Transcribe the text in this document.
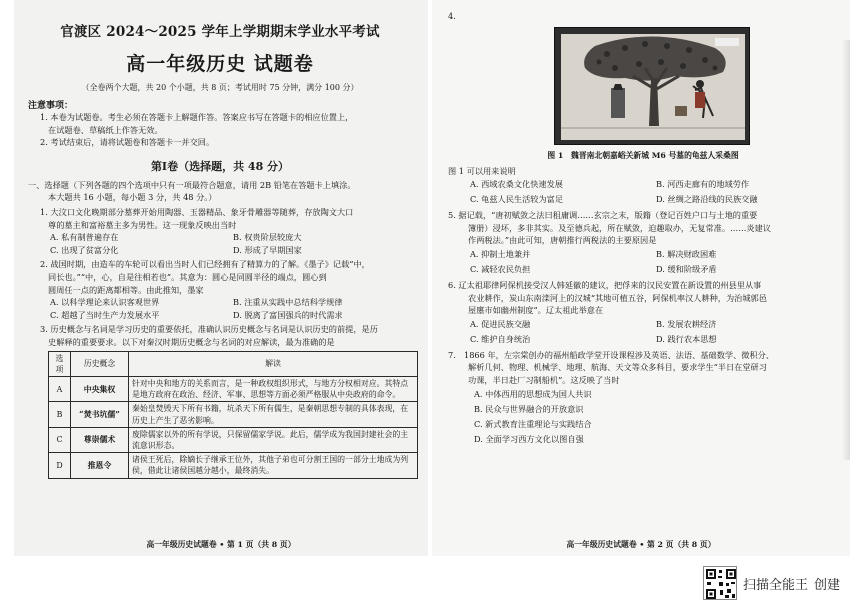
官渡区 2024～2025 学年上学期期末学业水平考试
高一年级历史 试题卷
（全卷两个大题，共 20 个小题，共 8 页；考试用时 75 分钟，满分 100 分）
注意事项：
1. 本卷为试题卷。考生必须在答题卡上解题作答。答案应书写在答题卡的相应位置上，
在试题卷、草稿纸上作答无效。
2. 考试结束后，请将试题卷和答题卡一并交回。
第Ⅰ卷（选择题，共 48 分）
一、选择题（下列各题的四个选项中只有一项最符合题意，请用 2B 铅笔在答题卡上填涂。
本大题共 16 小题，每小题 3 分，共 48 分。）
1. 大汶口文化晚期部分墓葬开始用陶器、玉器精品、象牙骨雕器等随葬，存放陶文大口
尊的墓主和富裕墓主多为男性。这一现象反映出当时
A. 私有制普遍存在	B. 权贵阶层较庞大
C. 出现了贫富分化	D. 形成了早期国家
2. 战国时期，由造车的车轮可以看出当时人们已经拥有了精算力的了解。《墨子》记载“中，
同长也。”“中，心，自是往相若也”。其意为：圆心是同圆半径的端点，圆心到
圆周任一点的距离都相等。由此推知，墨家
A. 以科学理论来认识客观世界	B. 注重从实践中总结科学规律
C. 超越了当时生产力发展水平	D. 脱离了富国强兵的时代需求
3. 历史概念与名词是学习历史的重要依托，准确认识历史概念与名词是认识历史的前提，是历
史解释的重要要求。以下对秦汉时期历史概念与名词的对应解读，最为准确的是
选项	历史概念	解读
A	中央集权	针对中央和地方的关系而言，是一种政权组织形式，与地方分权相对应。其特点是地方政府在政治、经济、军事、思想等方面必须严格服从中央政府的命令。
B	“焚书坑儒”	秦始皇焚毁天下所有书籍，坑杀天下所有儒生，是秦朝思想专制的具体表现，在历史上产生了恶劣影响。
C	尊崇儒术	废除儒家以外的所有学说，只保留儒家学说。此后，儒学成为我国封建社会的主流意识形态。
D	推恩令	诸侯王死后，除嫡长子继承王位外，其他子弟也可分割王国的一部分土地成为列侯，借此让诸侯国越分越小，最终消失。
高一年级历史试题卷 • 第 1 页（共 8 页）
4.
图 1　魏晋南北朝嘉峪关新城 M6 号墓的龟兹人采桑图
图 1 可以用来说明
A. 西域农桑文化快速发展	B. 河西走廊有的地域劳作
C. 龟兹人民生活较为富足	D. 丝绸之路沿线的民族交融
5. 据记载，“唐初赋敛之法曰租庸调……玄宗之末，版籍（登记百姓户口与土地的重要
簿册）浸坏，多非其实。及至德兵起，所在赋敛，迫趣取办，无复常准。……炎建议
作两税法。”由此可知，唐朝推行两税法的主要原因是
A. 抑制土地兼并	B. 解决财政困难
C. 减轻农民负担	D. 缓和阶级矛盾
6. 辽太祖耶律阿保机接受汉人韩延徽的建议，把俘来的汉民安置在新设置的州县里从事
农业耕作，炭山东南滦河上的汉城“其地可植五谷，阿保机率汉人耕种，为治城郭邑
屋廛市如幽州制度”。辽太祖此举意在
A. 促进民族交融	B. 发展农耕经济
C. 维护自身统治	D. 践行农本思想
7.　1866 年，左宗棠创办的福州船政学堂开设课程涉及英语、法语、基础数学、微积分、
解析几何、物理、机械学、地理、航海、天文等众多科目，要求学生“半日在堂研习
功课，半日赴厂习制船机”。这反映了当时
A. 中体西用的思想成为国人共识
B. 民众与世界融合的开放意识
C. 新式教育注重理论与实践结合
D. 全面学习西方文化以图自强
高一年级历史试题卷 • 第 2 页（共 8 页）
扫描全能王 创建
